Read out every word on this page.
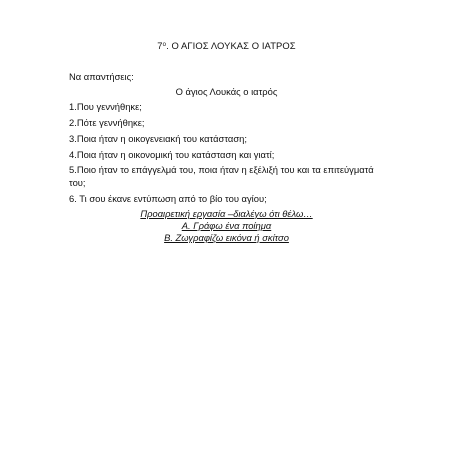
$7^o$. Ο ΑΓΙΟΣ ΛΟΥΚΑΣ Ο ΙΑΤΡΟΣ
Να απαντήσεις:
Ο άγιος Λουκάς ο ιατρός
1.Που γεννήθηκε;
2.Πότε γεννήθηκε;
3.Ποια ήταν η οικογενειακή του κατάσταση;
4.Ποια ήταν η οικονομική του κατάσταση και γιατί;
5.Ποιο ήταν το επάγγελμά του, ποια ήταν η εξέλιξή του και τα επιτεύγματά του;
6. Τι σου έκανε εντύπωση από το βίο του αγίου;
Προαιρετική εργασία –διαλέγω ότι θέλω…
Α. Γράφω ένα ποίημα
Β. Ζωγραφίζω εικόνα ή σκίτσο
